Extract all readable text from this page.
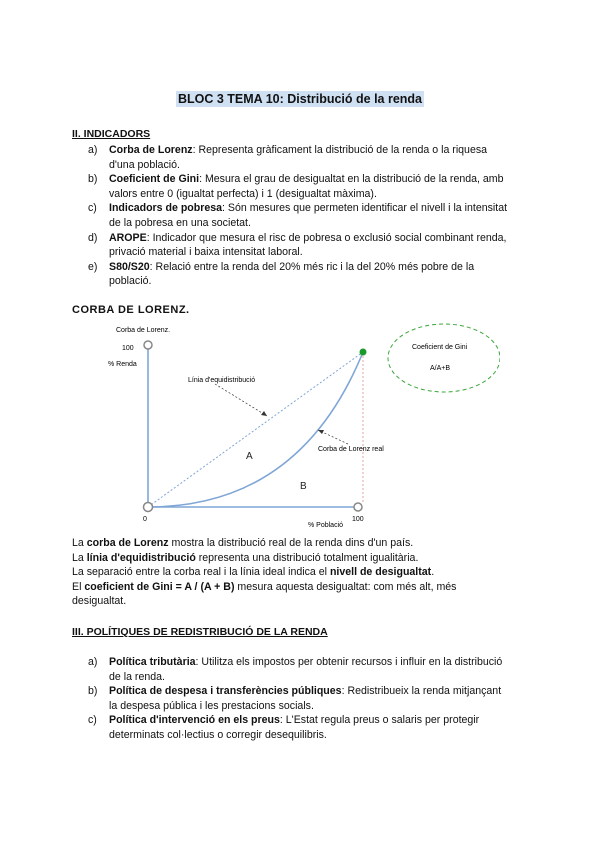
BLOC 3 TEMA 10: Distribució de la renda
II. INDICADORS
a) Corba de Lorenz: Representa gràficament la distribució de la renda o la riquesa
d'una població.
b) Coeficient de Gini: Mesura el grau de desigualtat en la distribució de la renda, amb
valors entre 0 (igualtat perfecta) i 1 (desigualtat màxima).
c) Indicadors de pobresa: Són mesures que permeten identificar el nivell i la intensitat
de la pobresa en una societat.
d) AROPE: Indicador que mesura el risc de pobresa o exclusió social combinant renda,
privació material i baixa intensitat laboral.
e) S80/S20: Relació entre la renda del 20% més ric i la del 20% més pobre de la
població.
CORBA DE LORENZ.
Corba de Lorenz.
100
% Renda
0	100
% Població
Línia d'equidistribució
Corba de Lorenz real
A
B
Coeficient de Gini
A/A+B
La corba de Lorenz mostra la distribució real de la renda dins d'un país.
La línia d'equidistribució representa una distribució totalment igualitària.
La separació entre la corba real i la línia ideal indica el nivell de desigualtat.
El coeficient de Gini = A / (A + B) mesura aquesta desigualtat: com més alt, més
desigualtat.
III. POLÍTIQUES DE REDISTRIBUCIÓ DE LA RENDA
a) Política tributària: Utilitza els impostos per obtenir recursos i influir en la distribució
de la renda.
b) Política de despesa i transferències públiques: Redistribueix la renda mitjançant
la despesa pública i les prestacions socials.
c) Política d'intervenció en els preus: L'Estat regula preus o salaris per protegir
determinats col·lectius o corregir desequilibris.
